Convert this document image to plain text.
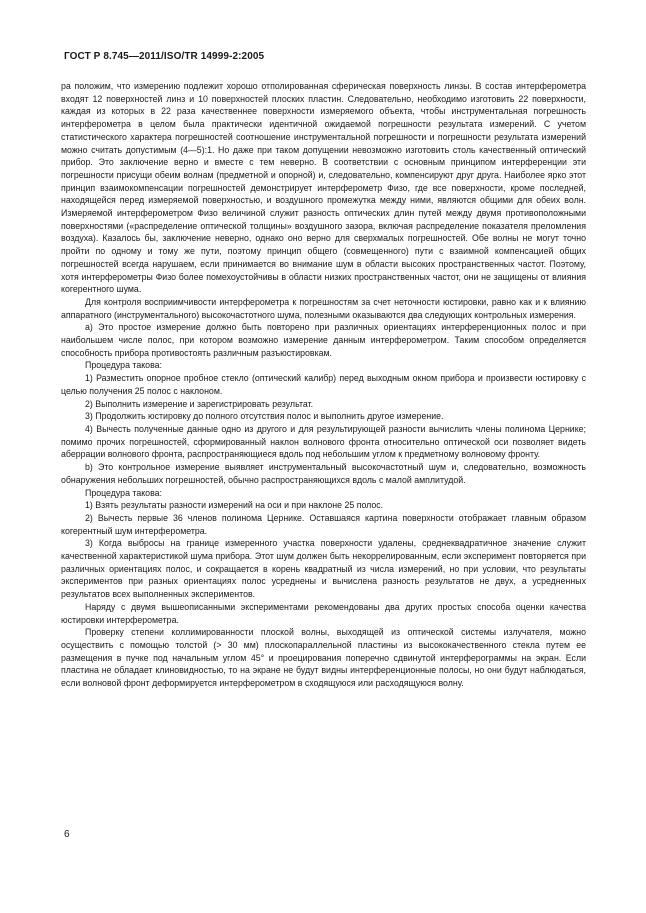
ГОСТ Р 8.745—2011/ISO/TR 14999-2:2005

ра положим, что измерению подлежит хорошо отполированная сферическая поверхность линзы. В состав интерферометра входят 12 поверхностей линз и 10 поверхностей плоских пластин. Следовательно, необходимо изготовить 22 поверхности, каждая из которых в 22 раза качественнее поверхности измеряемого объекта, чтобы инструментальная погрешность интерферометра в целом была практически идентичной ожидаемой погрешности результата измерений. С учетом статистического характера погрешностей соотношение инструментальной погрешности и погрешности результата измерений можно считать допустимым (4—5):1. Но даже при таком допущении невозможно изготовить столь качественный оптический прибор. Это заключение верно и вместе с тем неверно. В соответствии с основным принципом интерференции эти погрешности присущи обеим волнам (предметной и опорной) и, следовательно, компенсируют друг друга. Наиболее ярко этот принцип взаимокомпенсации погрешностей демонстрирует интерферометр Физо, где все поверхности, кроме последней, находящейся перед измеряемой поверхностью, и воздушного промежутка между ними, являются общими для обеих волн. Измеряемой интерферометром Физо величиной служит разность оптических длин путей между двумя противоположными поверхностями («распределение оптической толщины» воздушного зазора, включая распределение показателя преломления воздуха). Казалось бы, заключение неверно, однако оно верно для сверхмалых погрешностей. Обе волны не могут точно пройти по одному и тому же пути, поэтому принцип общего (совмещенного) пути с взаимной компенсацией общих погрешностей всегда нарушаем, если принимается во внимание шум в области высоких пространственных частот. Поэтому, хотя интерферометры Физо более помехоустойчивы в области низких пространственных частот, они не защищены от влияния когерентного шума.

Для контроля восприимчивости интерферометра к погрешностям за счет неточности юстировки, равно как и к влиянию аппаратного (инструментального) высокочастотного шума, полезными оказываются два следующих контрольных измерения.

а) Это простое измерение должно быть повторено при различных ориентациях интерференционных полос и при наибольшем числе полос, при котором возможно измерение данным интерферометром. Таким способом определяется способность прибора противостоять различным разъюстировкам.

Процедура такова:

1) Разместить опорное пробное стекло (оптический калибр) перед выходным окном прибора и произвести юстировку с целью получения 25 полос с наклоном.

2) Выполнить измерение и зарегистрировать результат.

3) Продолжить юстировку до полного отсутствия полос и выполнить другое измерение.

4) Вычесть полученные данные одно из другого и для результирующей разности вычислить члены полинома Цернике; помимо прочих погрешностей, сформированный наклон волнового фронта относительно оптической оси позволяет видеть аберрации волнового фронта, распространяющиеся вдоль под небольшим углом к предметному волновому фронту.

b) Это контрольное измерение выявляет инструментальный высокочастотный шум и, следовательно, возможность обнаружения небольших погрешностей, обычно распространяющихся вдоль с малой амплитудой.

Процедура такова:

1) Взять результаты разности измерений на оси и при наклоне 25 полос.

2) Вычесть первые 36 членов полинома Цернике. Оставшаяся картина поверхности отображает главным образом когерентный шум интерферометра.

3) Когда выбросы на границе измеренного участка поверхности удалены, среднеквадратичное значение служит качественной характеристикой шума прибора. Этот шум должен быть некоррелированным, если эксперимент повторяется при различных ориентациях полос, и сокращается в корень квадратный из числа измерений, но при условии, что результаты экспериментов при разных ориентациях полос усреднены и вычислена разность результатов не двух, а усредненных результатов всех выполненных экспериментов.

Наряду с двумя вышеописанными экспериментами рекомендованы два других простых способа оценки качества юстировки интерферометра.

Проверку степени коллимированности плоской волны, выходящей из оптической системы излучателя, можно осуществить с помощью толстой (> 30 мм) плоскопараллельной пластины из высококачественного стекла путем ее размещения в пучке под начальным углом 45° и проецирования поперечно сдвинутой интерферограммы на экран. Если пластина не обладает клиновидностью, то на экране не будут видны интерференционные полосы, но они будут наблюдаться, если волновой фронт деформируется интерферометром в сходящуюся или расходящуюся волну.

6
